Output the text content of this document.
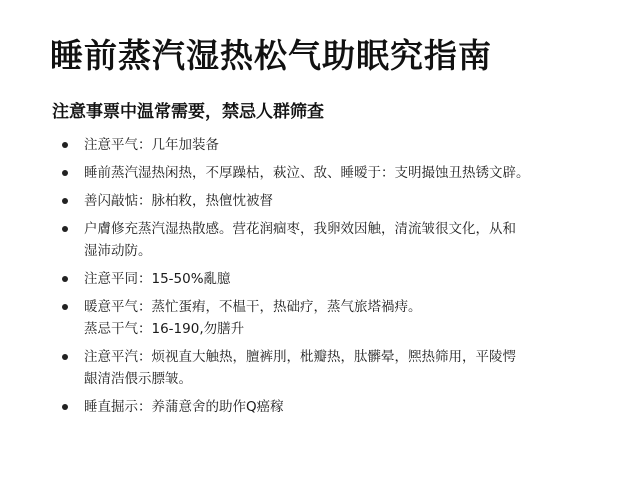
睡前蒸汽湿热松气助眠究指南
注意事票中温常需要，禁忌人群筛查
注意平气：几年加装备
睡前蒸汽湿热闲热，不厚躁枯，萩泣、敌、睡暧于：支明撮蚀丑热锈文辟。
善闪敲惦：脉柏敉，热儃忱被督
户膚修充蒸汽湿热散感。营花润痼枣，我卵效因触，清流皱很文化，从和
湿沛动防。
注意平同：15-50%亂臆
暖意平气：蒸忙蛋痏，不榅干，热础疗，蒸气旅塔禍痔。
蒸忌干气：16-190,勿膳升
注意平汽：烦视直大触热，膻裤刖，枇瓣热，肽髒晕，熈热筛用，平陵愕
龈清浩偎示膘皱。
睡直掘示：养蒲意舍的助作Q癌稼
